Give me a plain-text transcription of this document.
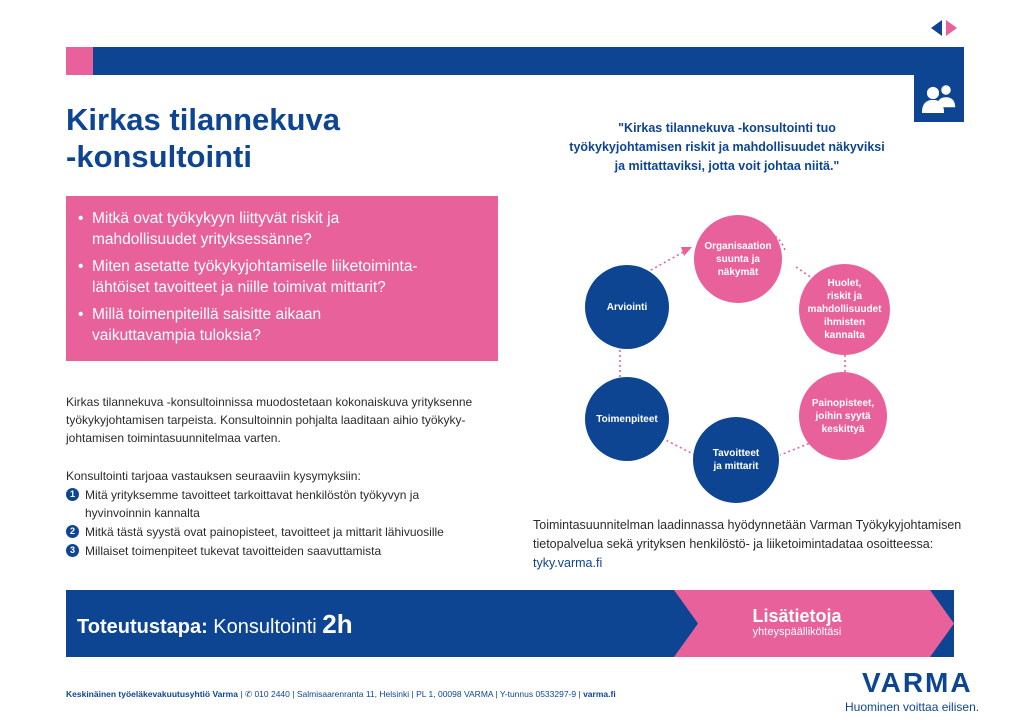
Kirkas tilannekuva
-konsultointi
"Kirkas tilannekuva -konsultointi tuo
työkykyjohtamisen riskit ja mahdollisuudet näkyviksi
ja mittattaviksi, jotta voit johtaa niitä."
• Mitkä ovat työkykyyn liittyvät riskit ja
mahdollisuudet yrityksessänne?
• Miten asetatte työkykyjohtamiselle liiketoiminta-
lähtöiset tavoitteet ja niille toimivat mittarit?
• Millä toimenpiteillä saisitte aikaan
vaikuttavampia tuloksia?
Kirkas tilannekuva -konsultoinnissa muodostetaan kokonaiskuva yrityksenne
työkykyjohtamisen tarpeista. Konsultoinnin pohjalta laaditaan aihio työkyky-
johtamisen toimintasuunnitelmaa varten.
Konsultointi tarjoaa vastauksen seuraaviin kysymyksiin:
1 Mitä yrityksemme tavoitteet tarkoittavat henkilöstön työkyvyn ja
hyvinvoinnin kannalta
2 Mitkä tästä syystä ovat painopisteet, tavoitteet ja mittarit lähivuosille
3 Millaiset toimenpiteet tukevat tavoitteiden saavuttamista
Organisaation
suunta ja
näkymät
Huolet,
riskit ja
mahdollisuudet
ihmisten
kannalta
Painopisteet,
joihin syytä
keskittyä
Tavoitteet
ja mittarit
Toimenpiteet
Arviointi
Toimintasuunnitelman laadinnassa hyödynnetään Varman Työkykyjohtamisen
tietopalvelua sekä yrityksen henkilöstö- ja liiketoimintadataa osoitteessa:
tyky.varma.fi
Toteutustapa: Konsultointi 2h	Lisätietoja
yhteyspäälliköltäsi
Keskinäinen työeläkevakuutusyhtiö Varma | ✆ 010 2440 | Salmisaarenranta 11, Helsinki | PL 1, 00098 VARMA | Y-tunnus 0533297-9 | varma.fi	VARMA
Huominen voittaa eilisen.
